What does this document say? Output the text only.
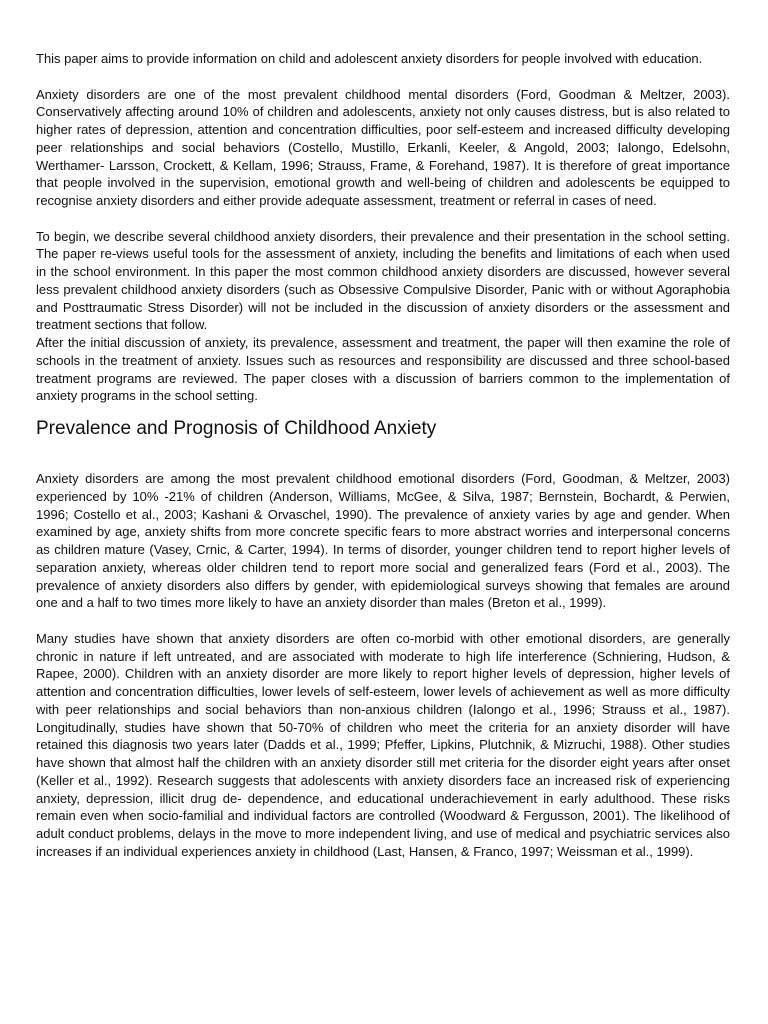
This paper aims to provide information on child and adolescent anxiety disorders for people involved with education.

Anxiety disorders are one of the most prevalent childhood mental disorders (Ford, Goodman & Meltzer, 2003). Conservatively affecting around 10% of children and adolescents, anxiety not only causes distress, but is also related to higher rates of depression, attention and concentration difficulties, poor self-esteem and increased difficulty developing peer relationships and social behaviors (Costello, Mustillo, Erkanli, Keeler, & Angold, 2003; Ialongo, Edelsohn, Werthamer- Larsson, Crockett, & Kellam, 1996; Strauss, Frame, & Forehand, 1987). It is therefore of great importance that people involved in the supervision, emotional growth and well-being of children and adolescents be equipped to recognise anxiety disorders and either provide adequate assessment, treatment or referral in cases of need.

To begin, we describe several childhood anxiety disorders, their prevalence and their presentation in the school setting. The paper re-views useful tools for the assessment of anxiety, including the benefits and limitations of each when used in the school environment. In this paper the most common childhood anxiety disorders are discussed, however several less prevalent childhood anxiety disorders (such as Obsessive Compulsive Disorder, Panic with or without Agoraphobia and Posttraumatic Stress Disorder) will not be included in the discussion of anxiety disorders or the assessment and treatment sections that follow.

After the initial discussion of anxiety, its prevalence, assessment and treatment, the paper will then examine the role of schools in the treatment of anxiety. Issues such as resources and responsibility are discussed and three school-based treatment programs are reviewed. The paper closes with a discussion of barriers common to the implementation of anxiety programs in the school setting.

Prevalence and Prognosis of Childhood Anxiety

Anxiety disorders are among the most prevalent childhood emotional disorders (Ford, Goodman, & Meltzer, 2003) experienced by 10% -21% of children (Anderson, Williams, McGee, & Silva, 1987; Bernstein, Bochardt, & Perwien, 1996; Costello et al., 2003; Kashani & Orvaschel, 1990). The prevalence of anxiety varies by age and gender. When examined by age, anxiety shifts from more concrete specific fears to more abstract worries and interpersonal concerns as children mature (Vasey, Crnic, & Carter, 1994). In terms of disorder, younger children tend to report higher levels of separation anxiety, whereas older children tend to report more social and generalized fears (Ford et al., 2003). The prevalence of anxiety disorders also differs by gender, with epidemiological surveys showing that females are around one and a half to two times more likely to have an anxiety disorder than males (Breton et al., 1999).

Many studies have shown that anxiety disorders are often co-morbid with other emotional disorders, are generally chronic in nature if left untreated, and are associated with moderate to high life interference (Schniering, Hudson, & Rapee, 2000). Children with an anxiety disorder are more likely to report higher levels of depression, higher levels of attention and concentration difficulties, lower levels of self-esteem, lower levels of achievement as well as more difficulty with peer relationships and social behaviors than non-anxious children (Ialongo et al., 1996; Strauss et al., 1987). Longitudinally, studies have shown that 50-70% of children who meet the criteria for an anxiety disorder will have retained this diagnosis two years later (Dadds et al., 1999; Pfeffer, Lipkins, Plutchnik, & Mizruchi, 1988). Other studies have shown that almost half the children with an anxiety disorder still met criteria for the disorder eight years after onset (Keller et al., 1992). Research suggests that adolescents with anxiety disorders face an increased risk of experiencing anxiety, depression, illicit drug de- dependence, and educational underachievement in early adulthood. These risks remain even when socio-familial and individual factors are controlled (Woodward & Fergusson, 2001). The likelihood of adult conduct problems, delays in the move to more independent living, and use of medical and psychiatric services also increases if an individual experiences anxiety in childhood (Last, Hansen, & Franco, 1997; Weissman et al., 1999).
